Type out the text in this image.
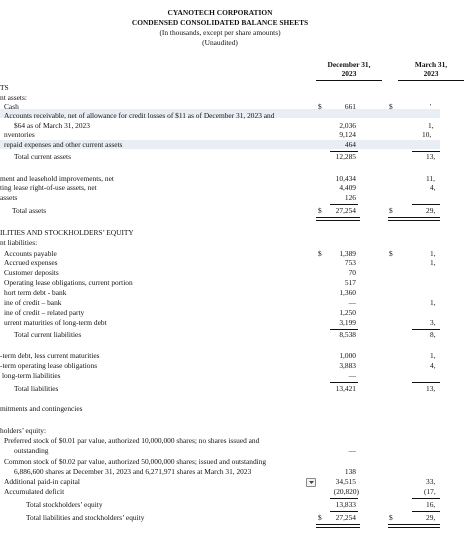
CYANOTECH CORPORATION
CONDENSED CONSOLIDATED BALANCE SHEETS
(In thousands, except per share amounts)
(Unaudited)
December 31,
2023
March 31,
2023
TS
nt assets:
Cash	$	661	$	'
Accounts receivable, net of allowance for credit losses of $11 as of December 31, 2023 and
$64 as of March 31, 2023	2,036	1,
nventories	9,124	10,
repaid expenses and other current assets	464
Total current assets	12,285	13,
ment and leasehold improvements, net	10,434	11,
ting lease right-of-use assets, net	4,409	4,
assets	126
Total assets	$ 27,254	$	29,
ILITIES AND STOCKHOLDERS’ EQUITY
nt liabilities:
Accounts payable	$ 1,389	$	1,
Accrued expenses	753	1,
Customer deposits	70
Operating lease obligations, current portion	517
hort term debt - bank	1,360
ine of credit – bank	—	1,
ine of credit – related party	1,250
urrent maturities of long-term debt	3,199	3,
Total current liabilities	8,538	8,
-term debt, less current maturities	1,000	1,
-term operating lease obligations	3,883	4,
long-term liabilities	—
Total liabilities	13,421	13,
mitments and contingencies
holders’ equity:
Preferred stock of $0.01 par value, authorized 10,000,000 shares; no shares issued and
outstanding	—
Common stock of $0.02 par value, authorized 50,000,000 shares; issued and outstanding
6,886,600 shares at December 31, 2023 and 6,271,971 shares at March 31, 2023	138
Additional paid-in capital	34,515	33,
Accumulated deficit	(20,820)	(17,
Total stockholders’ equity	13,833	16,
Total liabilities and stockholders’ equity	$ 27,254	$	29,
